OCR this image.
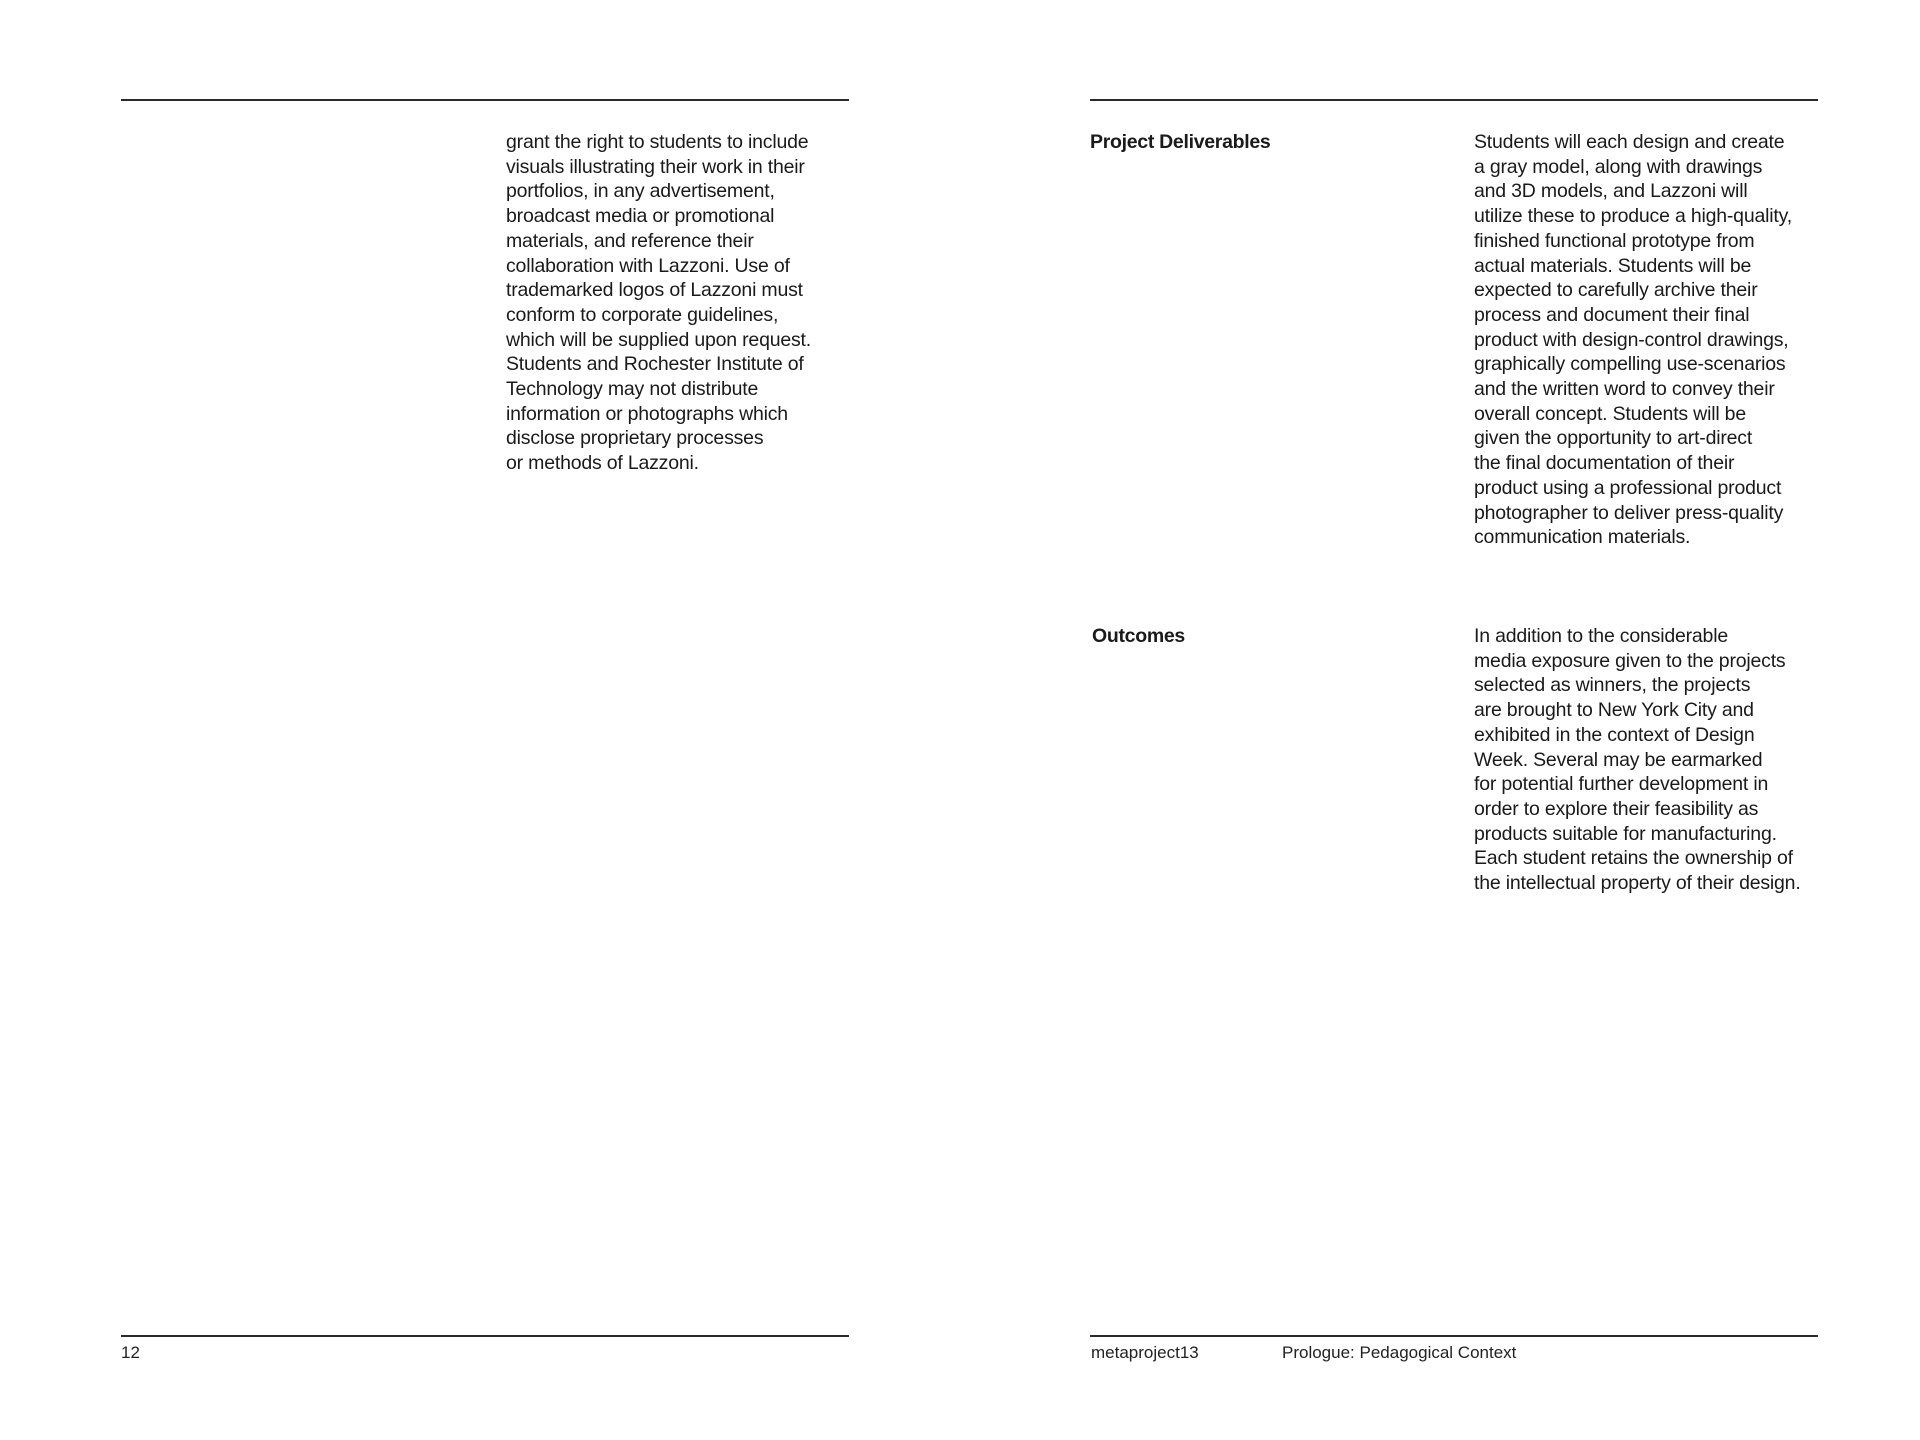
grant the right to students to include
visuals illustrating their work in their
portfolios, in any advertisement,
broadcast media or promotional
materials, and reference their
collaboration with Lazzoni. Use of
trademarked logos of Lazzoni must
conform to corporate guidelines,
which will be supplied upon request.
Students and Rochester Institute of
Technology may not distribute
information or photographs which
disclose proprietary processes
or methods of Lazzoni.

12
Project Deliverables	Students will each design and create
a gray model, along with drawings
and 3D models, and Lazzoni will
utilize these to produce a high-quality,
finished functional prototype from
actual materials. Students will be
expected to carefully archive their
process and document their final
product with design-control drawings,
graphically compelling use-scenarios
and the written word to convey their
overall concept. Students will be
given the opportunity to art-direct
the final documentation of their
product using a professional product
photographer to deliver press-quality
communication materials.

Outcomes	In addition to the considerable
media exposure given to the projects
selected as winners, the projects
are brought to New York City and
exhibited in the context of Design
Week. Several may be earmarked
for potential further development in
order to explore their feasibility as
products suitable for manufacturing.
Each student retains the ownership of
the intellectual property of their design.

metaproject13	Prologue: Pedagogical Context
